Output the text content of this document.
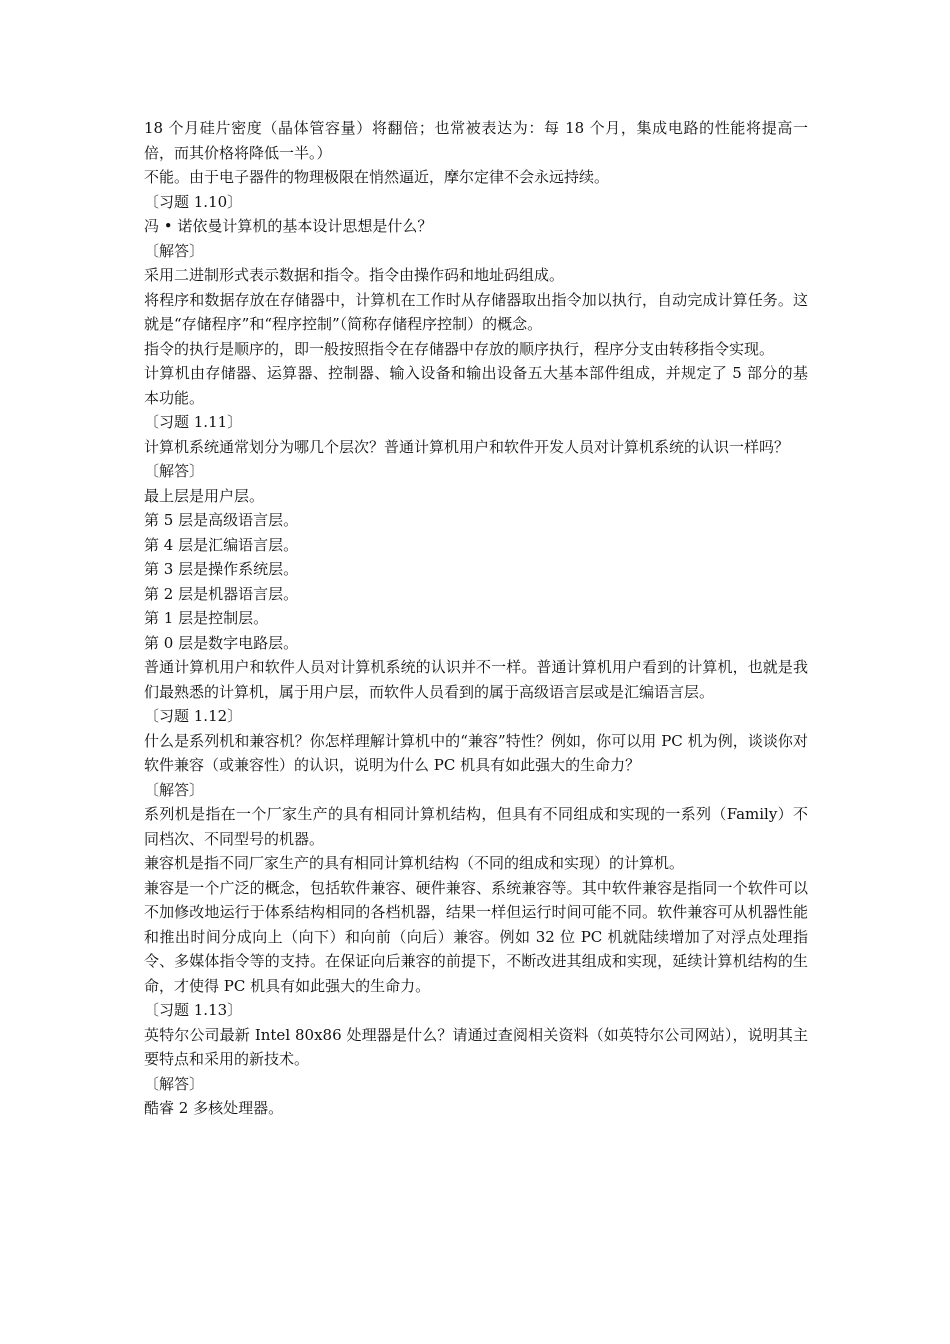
18 个月硅片密度（晶体管容量）将翻倍；也常被表达为：每 18 个月，集成电路的性能将提高一倍，而其价格将降低一半。）

不能。由于电子器件的物理极限在悄然逼近，摩尔定律不会永远持续。

〔习题 1.10〕

冯 • 诺依曼计算机的基本设计思想是什么？

〔解答〕

采用二进制形式表示数据和指令。指令由操作码和地址码组成。

将程序和数据存放在存储器中，计算机在工作时从存储器取出指令加以执行，自动完成计算任务。这就是“存储程序”和“程序控制”（简称存储程序控制）的概念。

指令的执行是顺序的，即一般按照指令在存储器中存放的顺序执行，程序分支由转移指令实现。

计算机由存储器、运算器、控制器、输入设备和输出设备五大基本部件组成，并规定了 5 部分的基本功能。

〔习题 1.11〕

计算机系统通常划分为哪几个层次？普通计算机用户和软件开发人员对计算机系统的认识一样吗？

〔解答〕

最上层是用户层。

第 5 层是高级语言层。

第 4 层是汇编语言层。

第 3 层是操作系统层。

第 2 层是机器语言层。

第 1 层是控制层。

第 0 层是数字电路层。

普通计算机用户和软件人员对计算机系统的认识并不一样。普通计算机用户看到的计算机，也就是我们最熟悉的计算机，属于用户层，而软件人员看到的属于高级语言层或是汇编语言层。

〔习题 1.12〕

什么是系列机和兼容机？你怎样理解计算机中的“兼容”特性？例如，你可以用 PC 机为例，谈谈你对软件兼容（或兼容性）的认识，说明为什么 PC 机具有如此强大的生命力？

〔解答〕

系列机是指在一个厂家生产的具有相同计算机结构，但具有不同组成和实现的一系列（Family）不同档次、不同型号的机器。

兼容机是指不同厂家生产的具有相同计算机结构（不同的组成和实现）的计算机。

兼容是一个广泛的概念，包括软件兼容、硬件兼容、系统兼容等。其中软件兼容是指同一个软件可以不加修改地运行于体系结构相同的各档机器，结果一样但运行时间可能不同。软件兼容可从机器性能和推出时间分成向上（向下）和向前（向后）兼容。例如 32 位 PC 机就陆续增加了对浮点处理指令、多媒体指令等的支持。在保证向后兼容的前提下，不断改进其组成和实现，延续计算机结构的生命，才使得 PC 机具有如此强大的生命力。

〔习题 1.13〕

英特尔公司最新 Intel 80x86 处理器是什么？请通过查阅相关资料（如英特尔公司网站），说明其主要特点和采用的新技术。

〔解答〕

酷睿 2 多核处理器。
